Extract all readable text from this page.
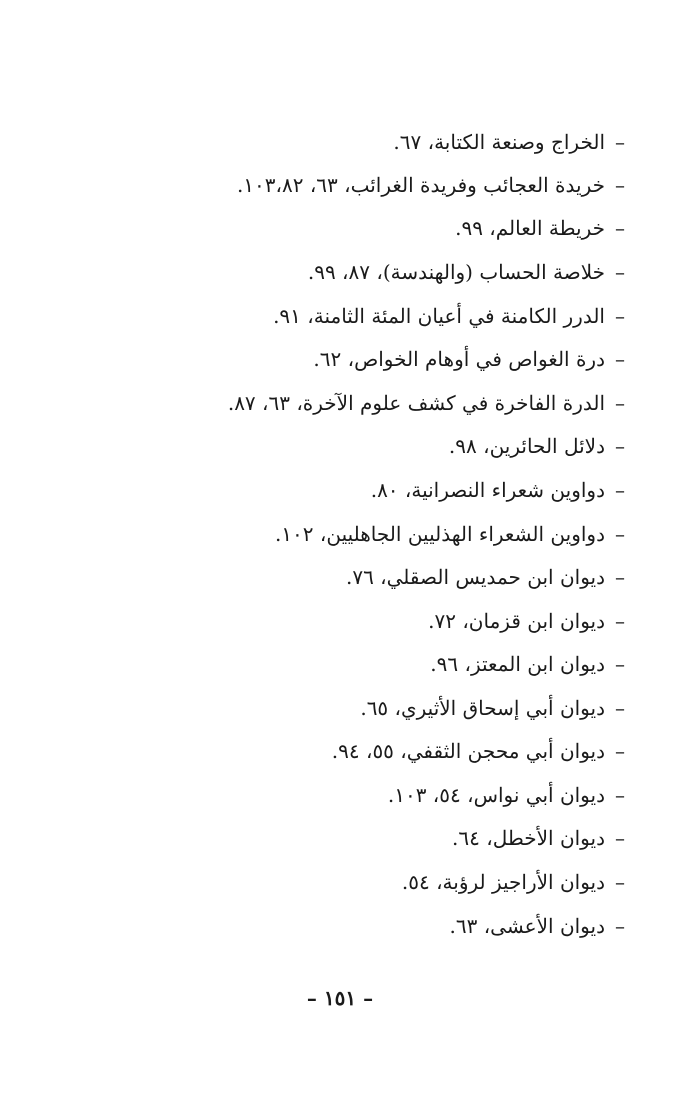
–الخراج وصنعة الكتابة، ٦٧.
–خريدة العجائب وفريدة الغرائب، ٦٣، ١٠٣،٨٢.
–خريطة العالم، ٩٩.
–خلاصة الحساب (والهندسة)، ٨٧، ٩٩.
–الدرر الكامنة في أعيان المئة الثامنة، ٩١.
–درة الغواص في أوهام الخواص، ٦٢.
–الدرة الفاخرة في كشف علوم الآخرة، ٦٣، ٨٧.
–دلائل الحائرين، ٩٨.
–دواوين شعراء النصرانية، ٨٠.
–دواوين الشعراء الهذليين الجاهليين، ١٠٢.
–ديوان ابن حمديس الصقلي، ٧٦.
–ديوان ابن قزمان، ٧٢.
–ديوان ابن المعتز، ٩٦.
–ديوان أبي إسحاق الأثيري، ٦٥.
–ديوان أبي محجن الثقفي، ٥٥، ٩٤.
–ديوان أبي نواس، ٥٤، ١٠٣.
–ديوان الأخطل، ٦٤.
–ديوان الأراجيز لرؤبة، ٥٤.
–ديوان الأعشى، ٦٣.
– ١٥١ –
